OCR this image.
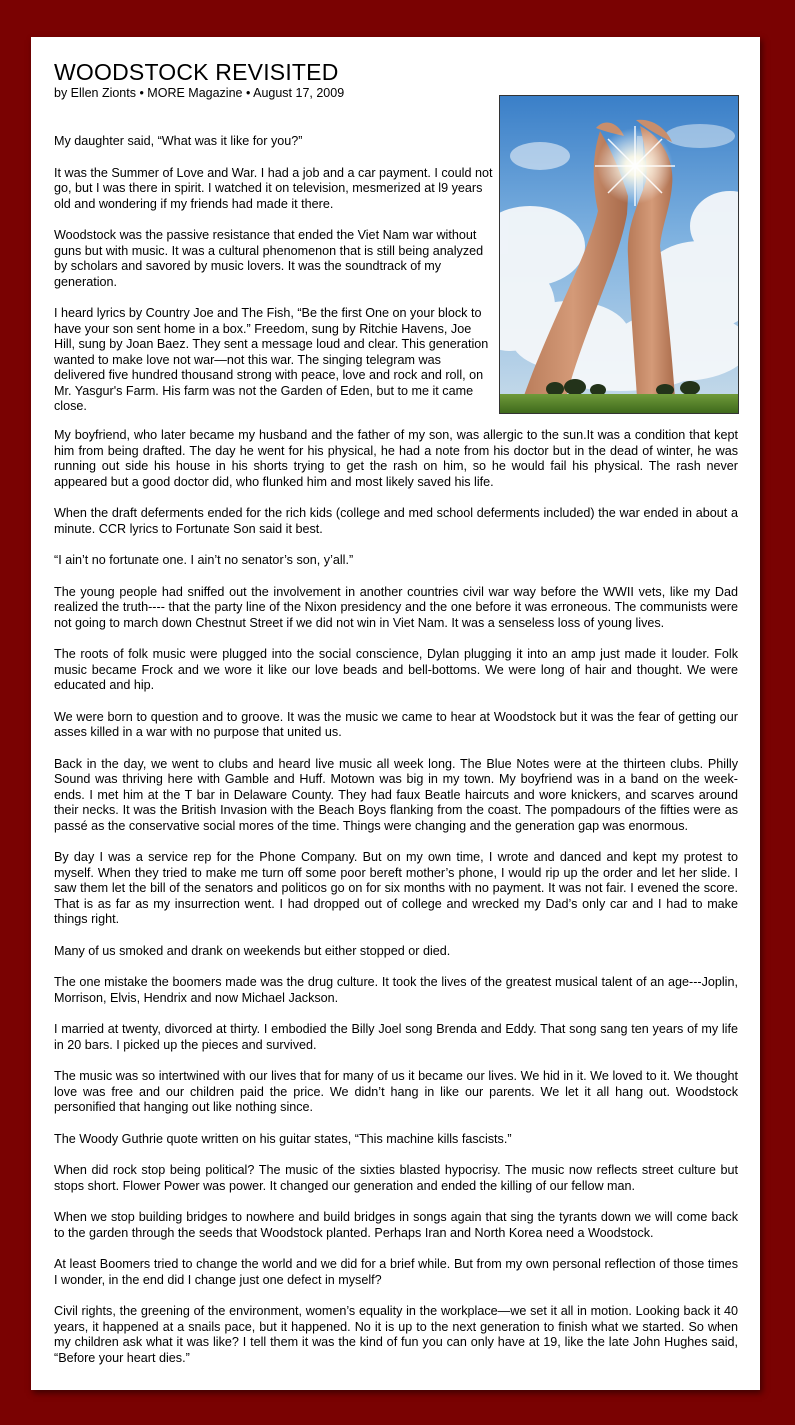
WOODSTOCK REVISITED
by Ellen Zionts • MORE Magazine • August 17, 2009

My daughter said, “What was it like for you?”

It was the Summer of Love and War. I had a job and a car payment. I could not go, but I was there in spirit. I watched it on television, mesmerized at l9 years old and wondering if my friends had made it there.

Woodstock was the passive resistance that ended the Viet Nam war without guns but with music. It was a cultural phenomenon that is still being analyzed by scholars and savored by music lovers. It was the soundtrack of my generation.

I heard lyrics by Country Joe and The Fish, “Be the first One on your block to have your son sent home in a box.” Freedom, sung by Ritchie Havens, Joe Hill, sung by Joan Baez. They sent a message loud and clear. This generation wanted to make love not war—not this war. The singing telegram was delivered five hundred thousand strong with peace, love and rock and roll, on Mr. Yasgur's Farm. His farm was not the Garden of Eden, but to me it came close.

My boyfriend, who later became my husband and the father of my son, was allergic to the sun.It was a condition that kept him from being drafted. The day he went for his physical, he had a note from his doctor but in the dead of winter, he was running out side his house in his shorts trying to get the rash on him, so he would fail his physical. The rash never appeared but a good doctor did, who flunked him and most likely saved his life.

When the draft deferments ended for the rich kids (college and med school deferments included) the war ended in about a minute. CCR lyrics to Fortunate Son said it best.

“I ain’t no fortunate one. I ain’t no senator’s son, y’all.”

The young people had sniffed out the involvement in another countries civil war way before the WWII vets, like my Dad realized the truth---- that the party line of the Nixon presidency and the one before it was erroneous. The communists were not going to march down Chestnut Street if we did not win in Viet Nam. It was a senseless loss of young lives.

The roots of folk music were plugged into the social conscience, Dylan plugging it into an amp just made it louder. Folk music became Frock and we wore it like our love beads and bell-bottoms. We were long of hair and thought. We were educated and hip.

We were born to question and to groove. It was the music we came to hear at Woodstock but it was the fear of getting our asses killed in a war with no purpose that united us.

Back in the day, we went to clubs and heard live music all week long. The Blue Notes were at the thirteen clubs. Philly Sound was thriving here with Gamble and Huff. Motown was big in my town. My boyfriend was in a band on the week-ends. I met him at the T bar in Delaware County. They had faux Beatle haircuts and wore knickers, and scarves around their necks. It was the British Invasion with the Beach Boys flanking from the coast. The pompadours of the fifties were as passé as the conservative social mores of the time. Things were changing and the generation gap was enormous.

By day I was a service rep for the Phone Company. But on my own time, I wrote and danced and kept my protest to myself. When they tried to make me turn off some poor bereft mother’s phone, I would rip up the order and let her slide. I saw them let the bill of the senators and politicos go on for six months with no payment. It was not fair. I evened the score. That is as far as my insurrection went. I had dropped out of college and wrecked my Dad’s only car and I had to make things right.

Many of us smoked and drank on weekends but either stopped or died.

The one mistake the boomers made was the drug culture. It took the lives of the greatest musical talent of an age---Joplin, Morrison, Elvis, Hendrix and now Michael Jackson.

I married at twenty, divorced at thirty. I embodied the Billy Joel song Brenda and Eddy. That song sang ten years of my life in 20 bars. I picked up the pieces and survived.

The music was so intertwined with our lives that for many of us it became our lives. We hid in it. We loved to it. We thought love was free and our children paid the price. We didn’t hang in like our parents. We let it all hang out. Woodstock personified that hanging out like nothing since.

The Woody Guthrie quote written on his guitar states, “This machine kills fascists.”

When did rock stop being political? The music of the sixties blasted hypocrisy. The music now reflects street culture but stops short. Flower Power was power. It changed our generation and ended the killing of our fellow man.

When we stop building bridges to nowhere and build bridges in songs again that sing the tyrants down we will come back to the garden through the seeds that Woodstock planted. Perhaps Iran and North Korea need a Woodstock.

At least Boomers tried to change the world and we did for a brief while. But from my own personal reflection of those times I wonder, in the end did I change just one defect in myself?

Civil rights, the greening of the environment, women’s equality in the workplace—we set it all in motion. Looking back it 40 years, it happened at a snails pace, but it happened. No it is up to the next generation to finish what we started. So when my children ask what it was like? I tell them it was the kind of fun you can only have at 19, like the late John Hughes said, “Before your heart dies.”
